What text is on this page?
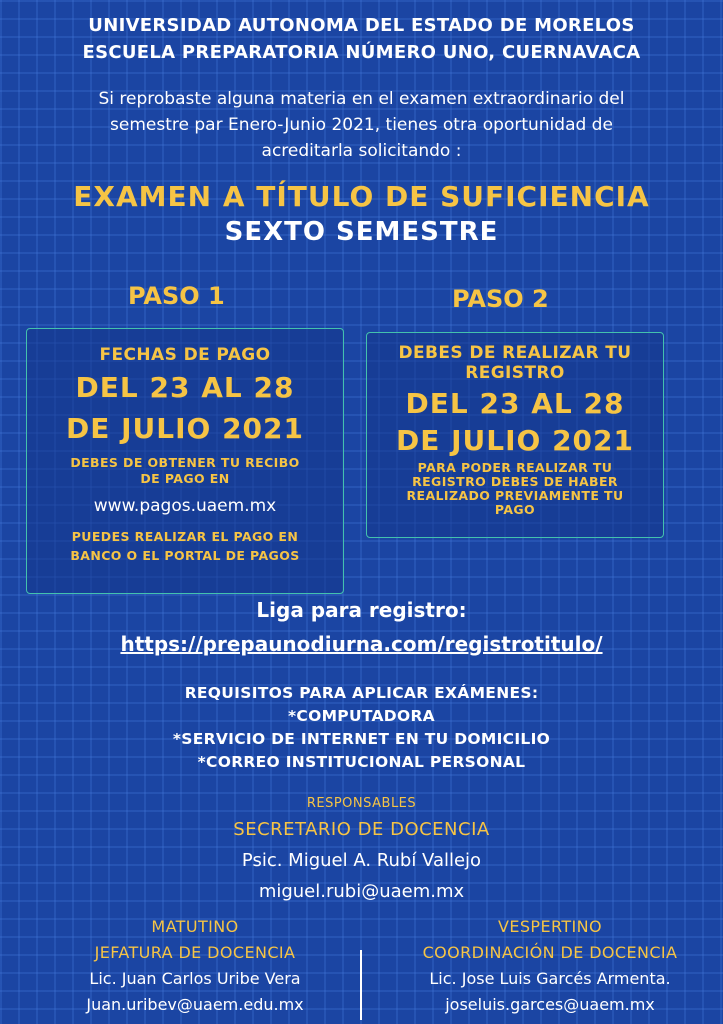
UNIVERSIDAD AUTONOMA DEL ESTADO DE MORELOS
ESCUELA PREPARATORIA NÚMERO UNO, CUERNAVACA
Si reprobaste alguna materia en el examen extraordinario del
semestre par Enero-Junio 2021, tienes otra oportunidad de
acreditarla solicitando :
EXAMEN A TÍTULO DE SUFICIENCIA
SEXTO SEMESTRE
PASO 1	PASO 2
FECHAS DE PAGO
DEL 23 AL 28
DE JULIO 2021
DEBES DE OBTENER TU RECIBO
DE PAGO EN
www.pagos.uaem.mx
PUEDES REALIZAR EL PAGO EN
BANCO O EL PORTAL DE PAGOS
DEBES DE REALIZAR TU
REGISTRO
DEL 23 AL 28
DE JULIO 2021
PARA PODER REALIZAR TU
REGISTRO DEBES DE HABER
REALIZADO PREVIAMENTE TU
PAGO
Liga para registro:
https://prepaunodiurna.com/registrotitulo/
REQUISITOS PARA APLICAR EXÁMENES:
*COMPUTADORA
*SERVICIO DE INTERNET EN TU DOMICILIO
*CORREO INSTITUCIONAL PERSONAL
RESPONSABLES
SECRETARIO DE DOCENCIA
Psic. Miguel A. Rubí Vallejo
miguel.rubi@uaem.mx
MATUTINO
JEFATURA DE DOCENCIA
Lic. Juan Carlos Uribe Vera
Juan.uribev@uaem.edu.mx
VESPERTINO
COORDINACIÓN DE DOCENCIA
Lic. Jose Luis Garcés Armenta.
joseluis.garces@uaem.mx
